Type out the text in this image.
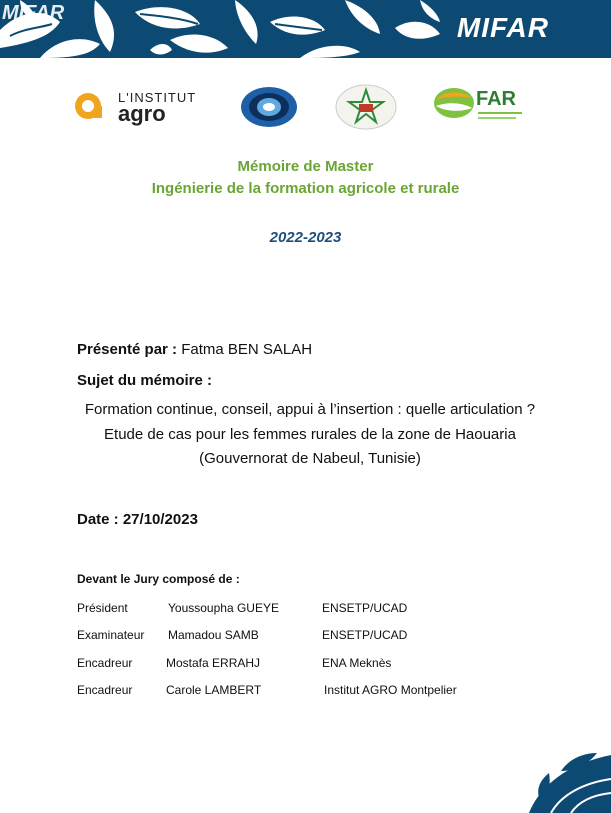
MIFAR	MIFAR
L'INSTITUT
agro
FAR
Mémoire de Master
Ingénierie de la formation agricole et rurale
2022-2023
Présenté par : Fatma BEN SALAH
Sujet du mémoire :
Formation continue, conseil, appui à l’insertion : quelle articulation ?
Etude de cas pour les femmes rurales de la zone de Haouaria
(Gouvernorat de Nabeul, Tunisie)
Date : 27/10/2023
Devant le Jury composé de :
Président	Youssoupha GUEYE	ENSETP/UCAD
Examinateur Mamadou SAMB	ENSETP/UCAD
Encadreur	Mostafa ERRAHJ	ENA Meknès
Encadreur	Carole LAMBERT	Institut AGRO Montpelier
